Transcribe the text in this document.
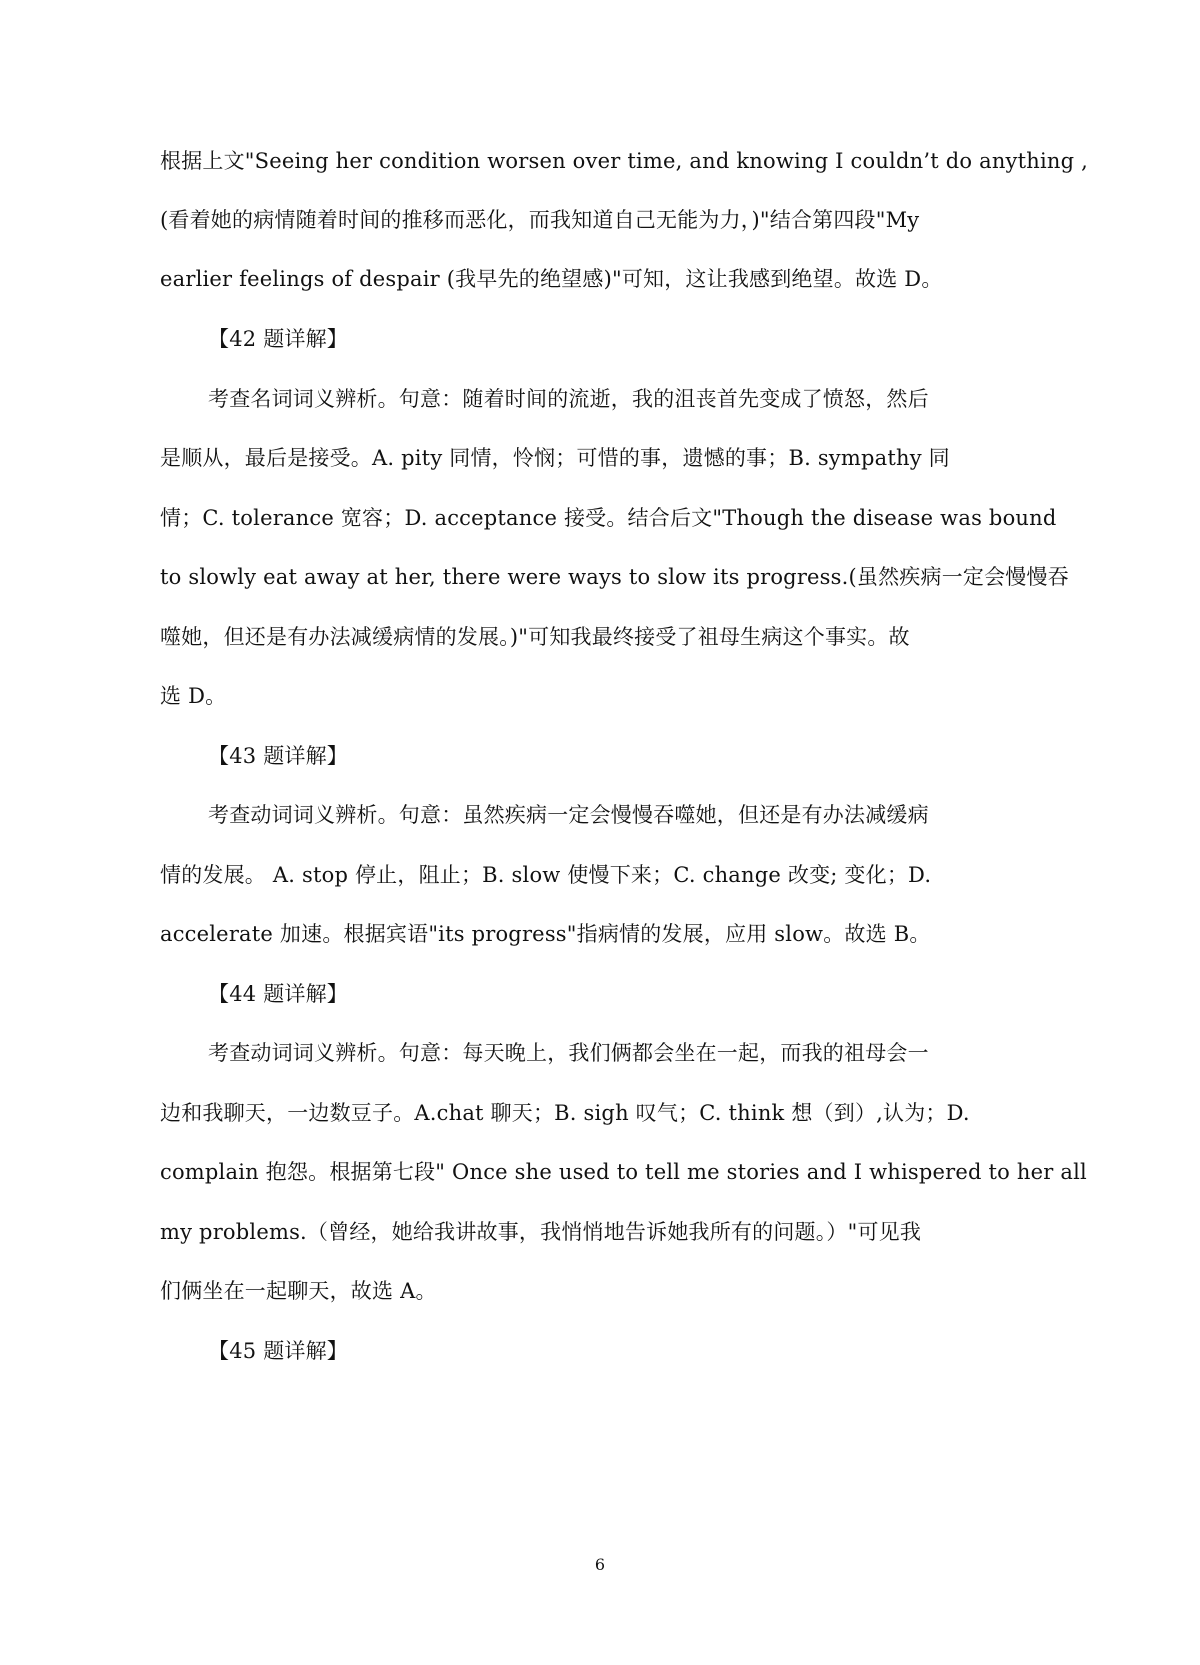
根据上文"Seeing her condition worsen over time, and knowing I couldn’t do anything ,
(看着她的病情随着时间的推移而恶化，而我知道自己无能为力，)"结合第四段"My
earlier feelings of despair (我早先的绝望感)"可知，这让我感到绝望。故选 D。
【42 题详解】
考查名词词义辨析。句意：随着时间的流逝，我的沮丧首先变成了愤怒，然后
是顺从，最后是接受。A. pity 同情，怜悯；可惜的事，遗憾的事；B. sympathy 同
情；C. tolerance 宽容；D. acceptance 接受。结合后文"Though the disease was bound
to slowly eat away at her, there were ways to slow its progress.(虽然疾病一定会慢慢吞
噬她，但还是有办法减缓病情的发展。)"可知我最终接受了祖母生病这个事实。故
选 D。
【43 题详解】
考查动词词义辨析。句意：虽然疾病一定会慢慢吞噬她，但还是有办法减缓病
情的发展。 A. stop 停止，阻止；B. slow 使慢下来；C. change 改变; 变化；D.
accelerate 加速。根据宾语"its progress"指病情的发展，应用 slow。故选 B。
【44 题详解】
考查动词词义辨析。句意：每天晚上，我们俩都会坐在一起，而我的祖母会一
边和我聊天，一边数豆子。A.chat 聊天；B. sigh 叹气；C. think 想（到）,认为；D.
complain 抱怨。根据第七段" Once she used to tell me stories and I whispered to her all
my problems.（曾经，她给我讲故事，我悄悄地告诉她我所有的问题。）"可见我
们俩坐在一起聊天，故选 A。
【45 题详解】
6
